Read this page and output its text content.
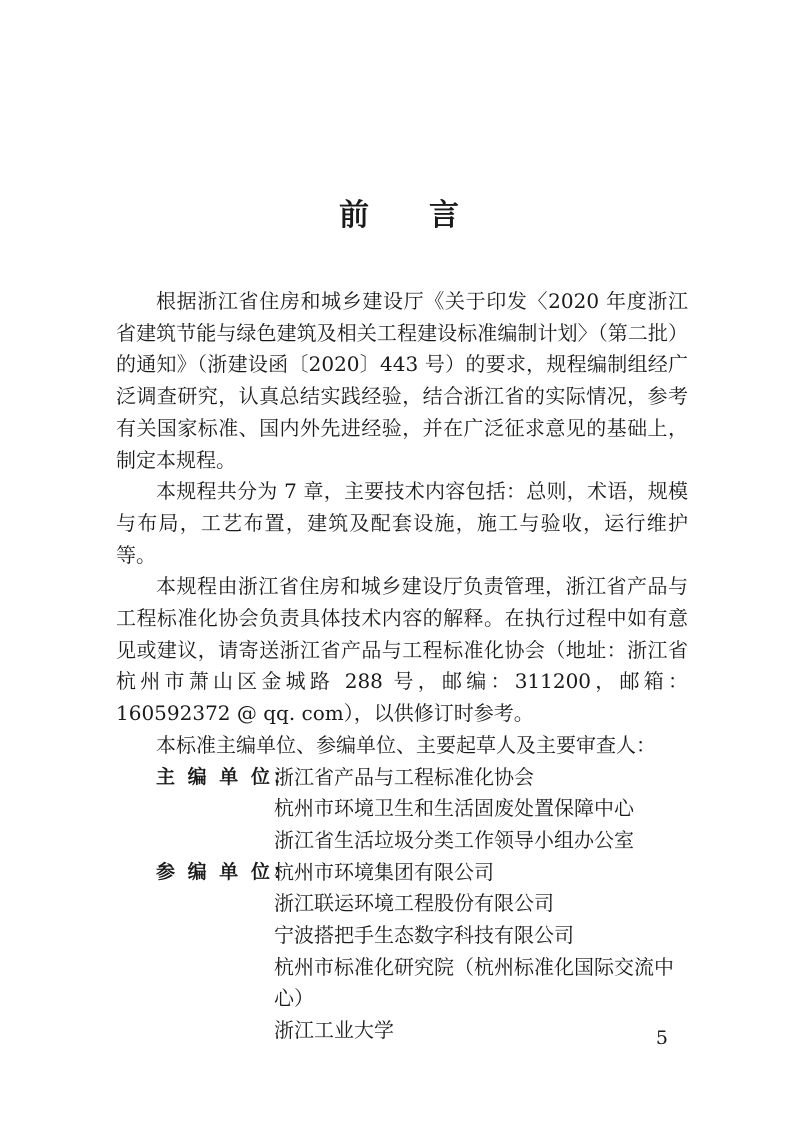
前 言

根据浙江省住房和城乡建设厅《关于印发〈2020 年度浙江省建筑节能与绿色建筑及相关工程建设标准编制计划〉（第二批）的通知》（浙建设函〔2020〕443 号）的要求，规程编制组经广泛调查研究，认真总结实践经验，结合浙江省的实际情况，参考有关国家标准、国内外先进经验，并在广泛征求意见的基础上，制定本规程。

本规程共分为 7 章，主要技术内容包括：总则，术语，规模与布局，工艺布置，建筑及配套设施，施工与验收，运行维护等。

本规程由浙江省住房和城乡建设厅负责管理，浙江省产品与工程标准化协会负责具体技术内容的解释。在执行过程中如有意见或建议，请寄送浙江省产品与工程标准化协会（地址：浙江省杭州市萧山区金城路 288 号，邮编：311200，邮箱：160592372 @ qq. com），以供修订时参考。

本标准主编单位、参编单位、主要起草人及主要审查人：

主 编 单 位：

浙江省产品与工程标准化协会

杭州市环境卫生和生活固废处置保障中心

浙江省生活垃圾分类工作领导小组办公室

参 编 单 位：

杭州市环境集团有限公司

浙江联运环境工程股份有限公司

宁波搭把手生态数字科技有限公司

杭州市标准化研究院（杭州标准化国际交流中心）

浙江工业大学	5
